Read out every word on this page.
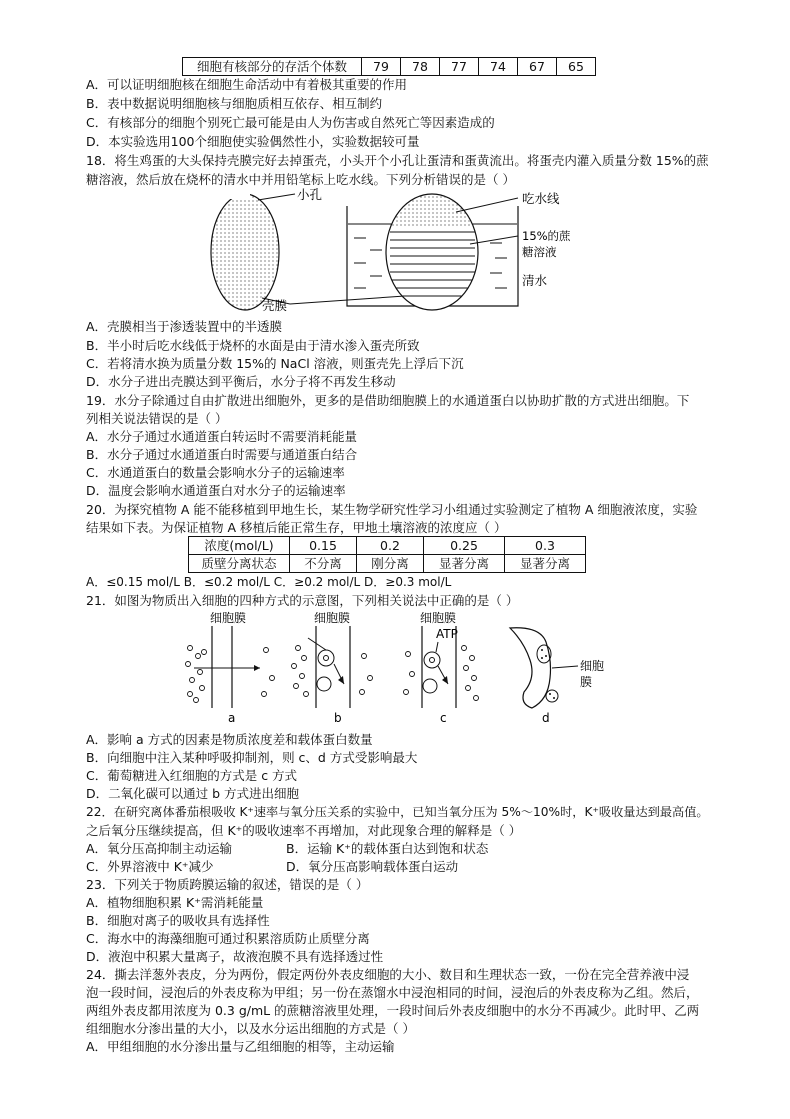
细胞有核部分的存活个体数	79	78	77	74	67	65
A．可以证明细胞核在细胞生命活动中有着极其重要的作用
B．表中数据说明细胞核与细胞质相互依存、相互制约
C．有核部分的细胞个别死亡最可能是由人为伤害或自然死亡等因素造成的
D．本实验选用100个细胞使实验偶然性小，实验数据较可量
18．将生鸡蛋的大头保持壳膜完好去掉蛋壳，小头开个小孔让蛋清和蛋黄流出。将蛋壳内灌入质量分数 15%的蔗
糖溶液，然后放在烧杯的清水中并用铅笔标上吃水线。下列分析错误的是（ ）
小孔
壳膜
吃水线
15%的蔗
糖溶液
清水
A．壳膜相当于渗透装置中的半透膜
B．半小时后吃水线低于烧杯的水面是由于清水渗入蛋壳所致
C．若将清水换为质量分数 15%的 NaCl 溶液，则蛋壳先上浮后下沉
D．水分子进出壳膜达到平衡后，水分子将不再发生移动
19．水分子除通过自由扩散进出细胞外，更多的是借助细胞膜上的水通道蛋白以协助扩散的方式进出细胞。下
列相关说法错误的是（ ）
A．水分子通过水通道蛋白转运时不需要消耗能量
B．水分子通过水通道蛋白时需要与通道蛋白结合
C．水通道蛋白的数量会影响水分子的运输速率
D．温度会影响水通道蛋白对水分子的运输速率
20．为探究植物 A 能不能移植到甲地生长，某生物学研究性学习小组通过实验测定了植物 A 细胞液浓度，实验
结果如下表。为保证植物 A 移植后能正常生存，甲地土壤溶液的浓度应（ ）
浓度(mol/L)	0.15	0.2	0.25	0.3
质壁分离状态	不分离	刚分离	显著分离	显著分离
A．≤0.15 mol/L B．≤0.2 mol/L C．≥0.2 mol/L D．≥0.3 mol/L
21．如图为物质出入细胞的四种方式的示意图，下列相关说法中正确的是（ ）
细胞膜
a
细胞膜
b
细胞膜
ATP
c
细胞
膜
d
A．影响 a 方式的因素是物质浓度差和载体蛋白数量
B．向细胞中注入某种呼吸抑制剂，则 c、d 方式受影响最大
C．葡萄糖进入红细胞的方式是 c 方式
D．二氧化碳可以通过 b 方式进出细胞
22．在研究离体番茄根吸收 K⁺速率与氧分压关系的实验中，已知当氧分压为 5%～10%时，K⁺吸收量达到最高值。
之后氧分压继续提高，但 K⁺的吸收速率不再增加，对此现象合理的解释是（ ）
A．氧分压高抑制主动运输	B．运输 K⁺的载体蛋白达到饱和状态
C．外界溶液中 K⁺减少	D．氧分压高影响载体蛋白运动
23．下列关于物质跨膜运输的叙述，错误的是（ ）
A．植物细胞积累 K⁺需消耗能量
B．细胞对离子的吸收具有选择性
C．海水中的海藻细胞可通过积累溶质防止质壁分离
D．液泡中积累大量离子，故液泡膜不具有选择透过性
24．撕去洋葱外表皮，分为两份，假定两份外表皮细胞的大小、数目和生理状态一致，一份在完全营养液中浸
泡一段时间，浸泡后的外表皮称为甲组；另一份在蒸馏水中浸泡相同的时间，浸泡后的外表皮称为乙组。然后，
两组外表皮都用浓度为 0.3 g/mL 的蔗糖溶液里处理，一段时间后外表皮细胞中的水分不再减少。此时甲、乙两
组细胞水分渗出量的大小，以及水分运出细胞的方式是（ ）
A．甲组细胞的水分渗出量与乙组细胞的相等，主动运输
